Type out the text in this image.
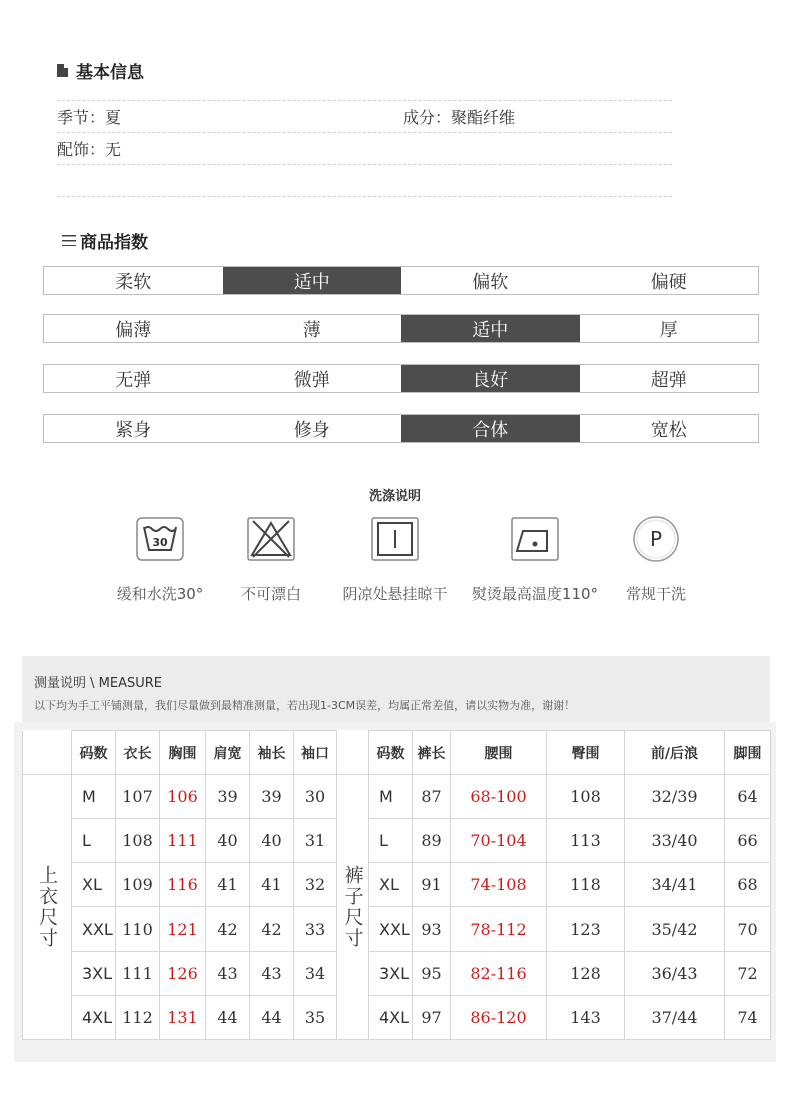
基本信息
季节：夏	成分：聚酯纤维
配饰：无
商品指数
柔软	适中	偏软	偏硬
偏薄	薄	适中	厚
无弹	微弹	良好	超弹
紧身	修身	合体	宽松
洗涤说明
30
缓和水洗30°	不可漂白	阴凉处悬挂晾干	熨烫最高温度110°
P
常规干洗
测量说明 \ MEASURE
以下均为手工平铺测量，我们尽量做到最精准测量，若出现1-3CM误差，均属正常差值，请以实物为准，谢谢！
	码数	衣长	胸围	肩宽	袖长	袖口		码数	裤长	腰围	臀围	前/后浪	脚围
上衣尺寸	M	107	106	39	39	30	裤子尺寸	M	87	68-100	108	32/39	64
	L	108	111	40	40	31		L	89	70-104	113	33/40	66
	XL	109	116	41	41	32		XL	91	74-108	118	34/41	68
	XXL	110	121	42	42	33		XXL	93	78-112	123	35/42	70
	3XL	111	126	43	43	34		3XL	95	82-116	128	36/43	72
	4XL	112	131	44	44	35		4XL	97	86-120	143	37/44	74
